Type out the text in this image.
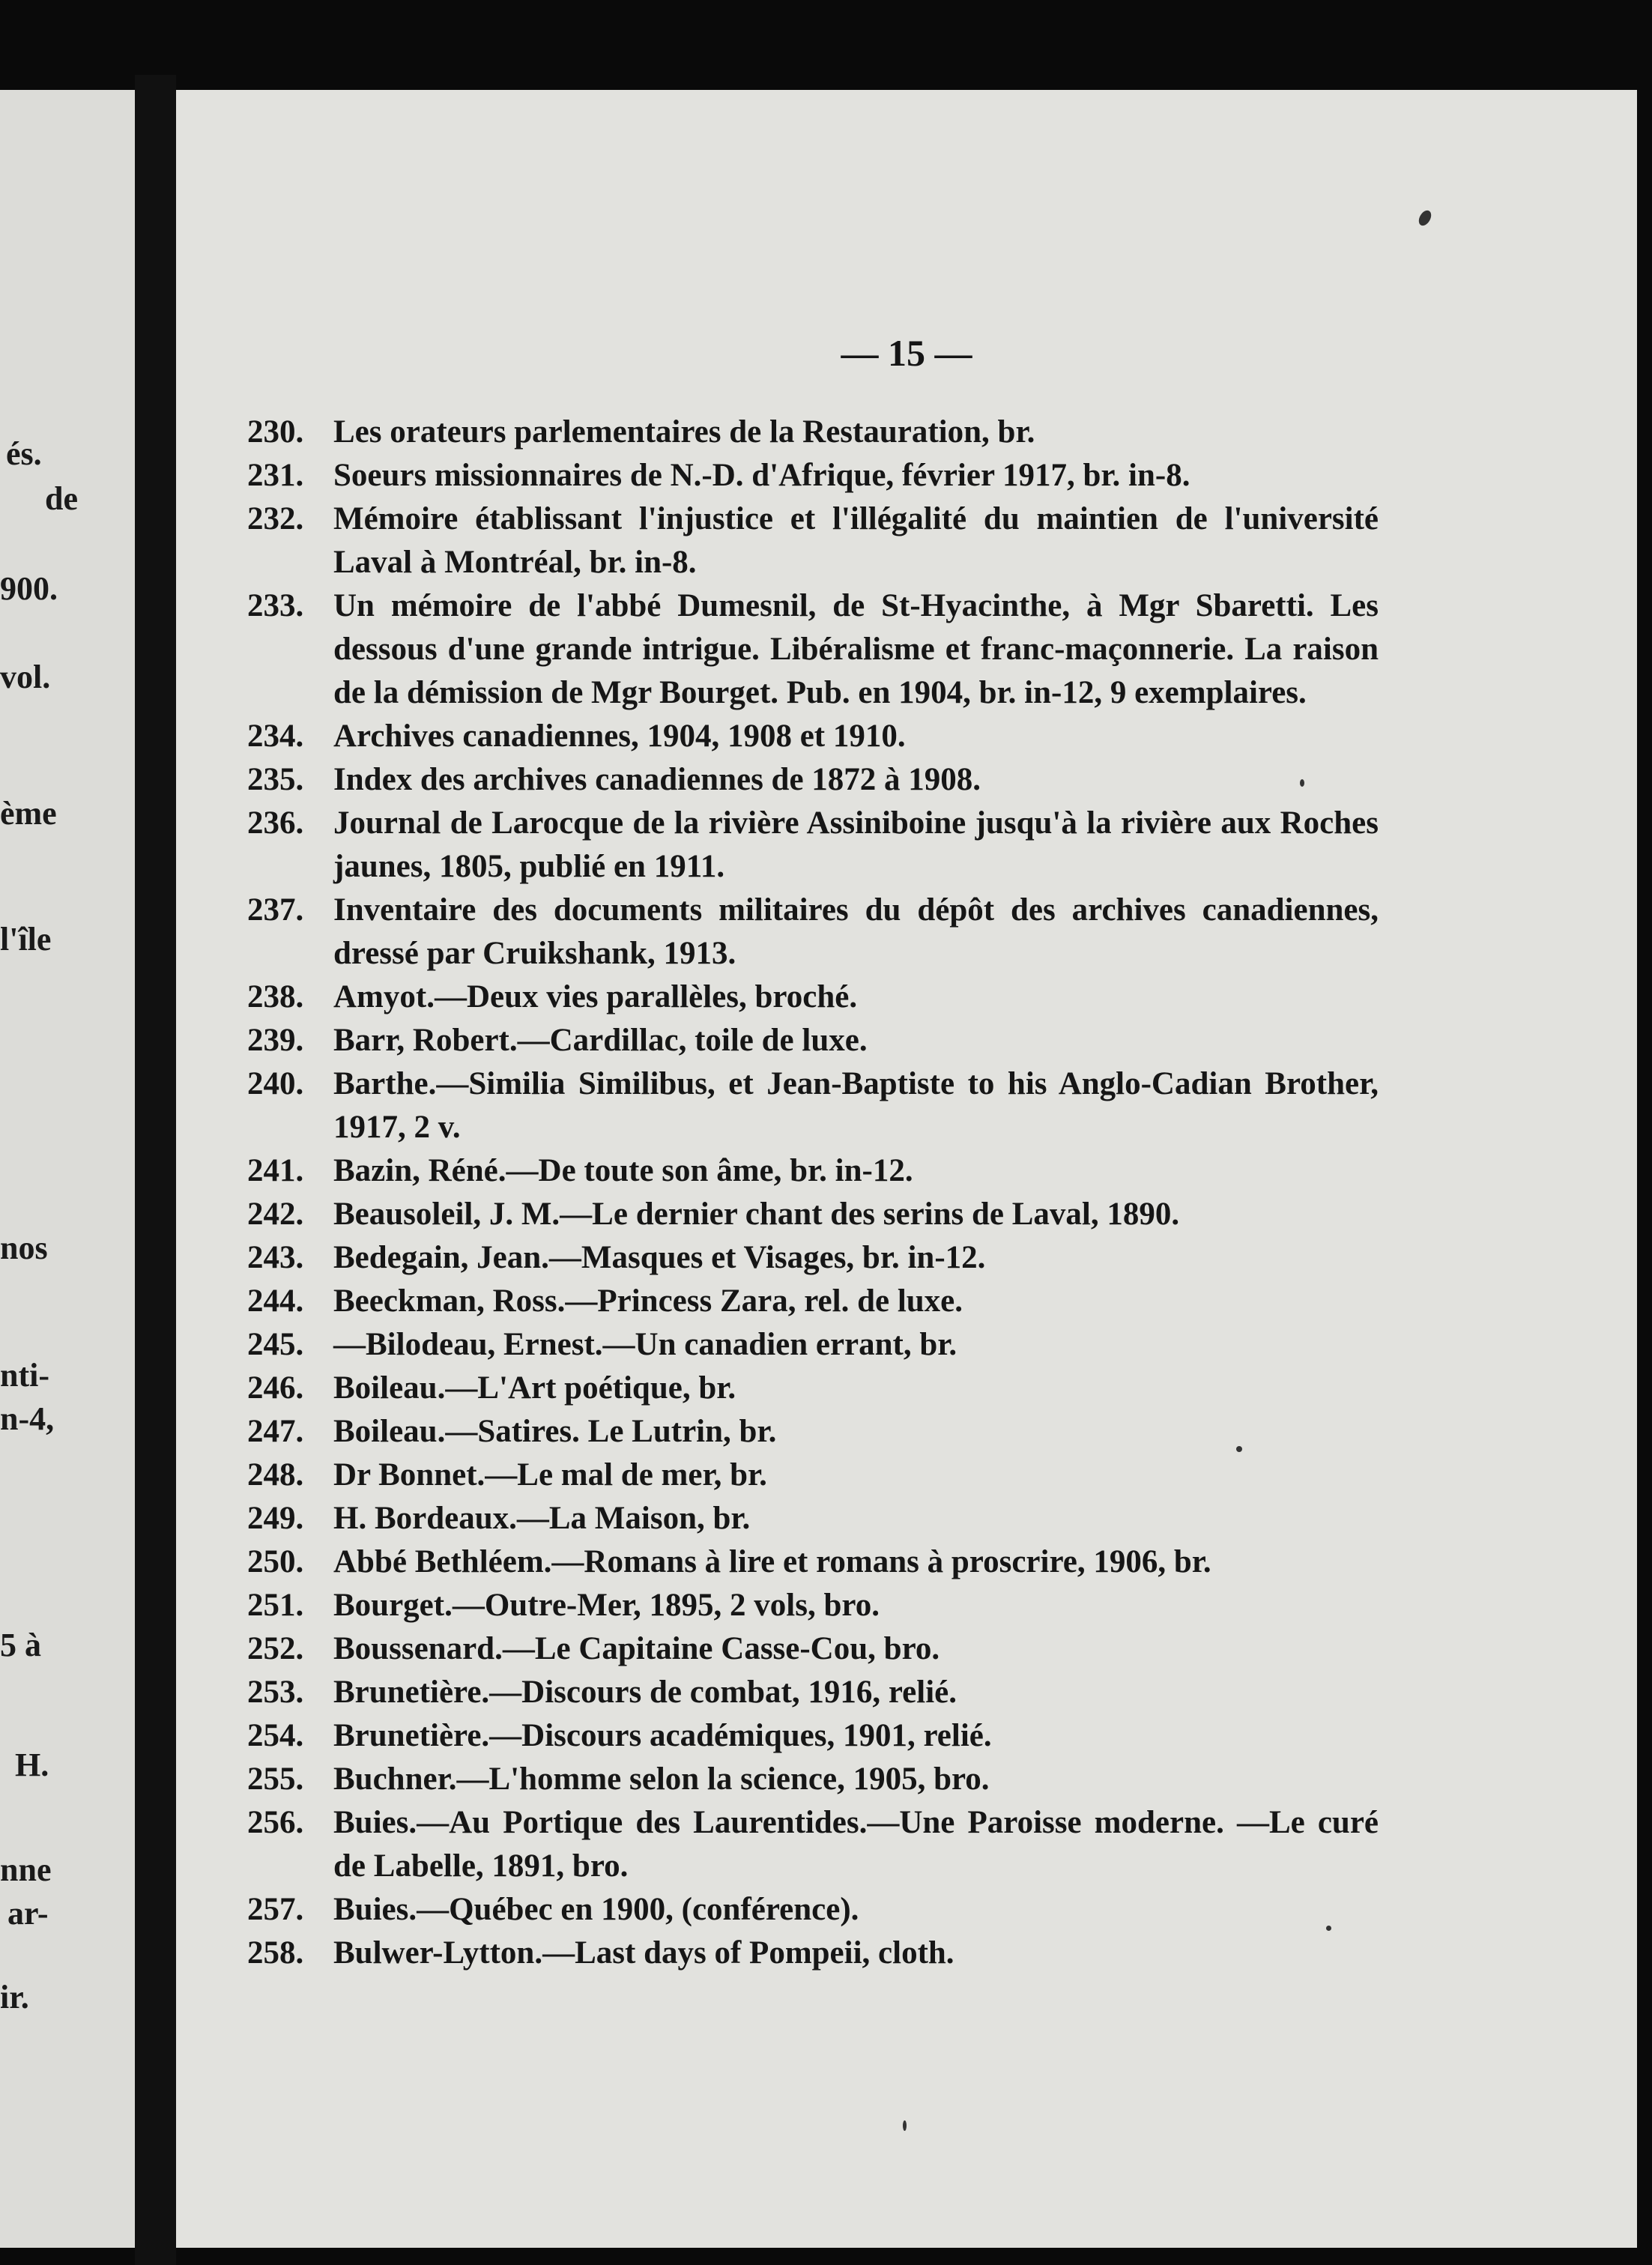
és.
de
900.
vol.
ème
l'île
nos
nti-
n-4,
5 à
H.
nne
ar-
ir.
— 15 —
230. Les orateurs parlementaires de la Restauration, br.
231. Soeurs missionnaires de N.-D. d'Afrique, février 1917, br. in-8.
232. Mémoire établissant l'injustice et l'illégalité du maintien de l'université Laval à Montréal, br. in-8.
233. Un mémoire de l'abbé Dumesnil, de St-Hyacinthe, à Mgr Sbaretti. Les dessous d'une grande intrigue. Libéralisme et franc-maçonnerie. La raison de la démission de Mgr Bourget. Pub. en 1904, br. in-12, 9 exemplaires.
234. Archives canadiennes, 1904, 1908 et 1910.
235. Index des archives canadiennes de 1872 à 1908.
236. Journal de Larocque de la rivière Assiniboine jusqu'à la rivière aux Roches jaunes, 1805, publié en 1911.
237. Inventaire des documents militaires du dépôt des archives canadiennes, dressé par Cruikshank, 1913.
238. Amyot.—Deux vies parallèles, broché.
239. Barr, Robert.—Cardillac, toile de luxe.
240. Barthe.—Similia Similibus, et Jean-Baptiste to his Anglo-Cadian Brother, 1917, 2 v.
241. Bazin, Réné.—De toute son âme, br. in-12.
242. Beausoleil, J. M.—Le dernier chant des serins de Laval, 1890.
243. Bedegain, Jean.—Masques et Visages, br. in-12.
244. Beeckman, Ross.—Princess Zara, rel. de luxe.
245. —Bilodeau, Ernest.—Un canadien errant, br.
246. Boileau.—L'Art poétique, br.
247. Boileau.—Satires. Le Lutrin, br.
248. Dr Bonnet.—Le mal de mer, br.
249. H. Bordeaux.—La Maison, br.
250. Abbé Bethléem.—Romans à lire et romans à proscrire, 1906, br.
251. Bourget.—Outre-Mer, 1895, 2 vols, bro.
252. Boussenard.—Le Capitaine Casse-Cou, bro.
253. Brunetière.—Discours de combat, 1916, relié.
254. Brunetière.—Discours académiques, 1901, relié.
255. Buchner.—L'homme selon la science, 1905, bro.
256. Buies.—Au Portique des Laurentides.—Une Paroisse moderne. —Le curé de Labelle, 1891, bro.
257. Buies.—Québec en 1900, (conférence).
258. Bulwer-Lytton.—Last days of Pompeii, cloth.
